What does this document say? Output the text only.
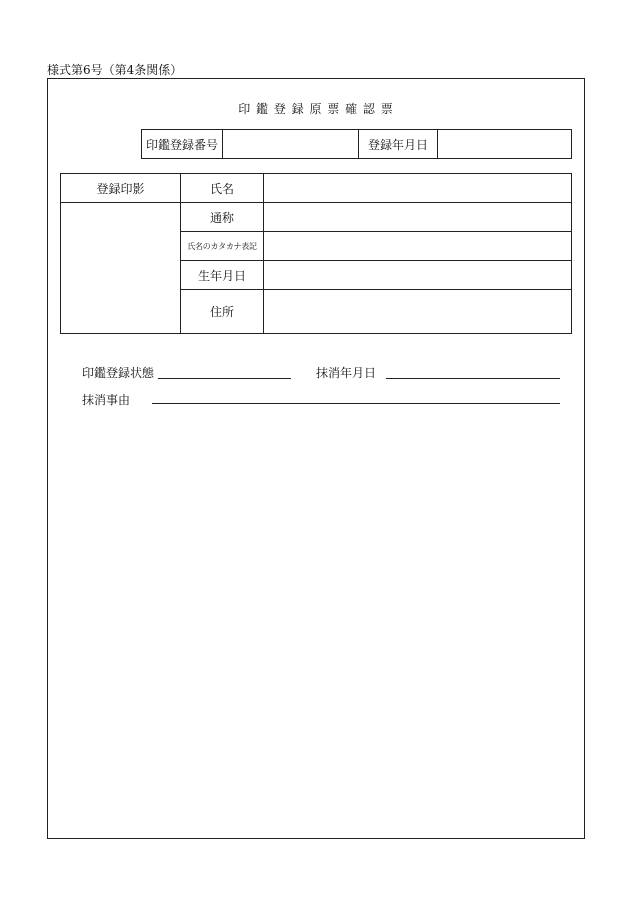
様式第6号（第4条関係）
印 鑑 登 録 原 票 確 認 票
印鑑登録番号		登録年月日	
登録印影	氏名	
	通称	
	氏名のカタカナ表記	
	生年月日	
	住所	
印鑑登録状態	抹消年月日
抹消事由
